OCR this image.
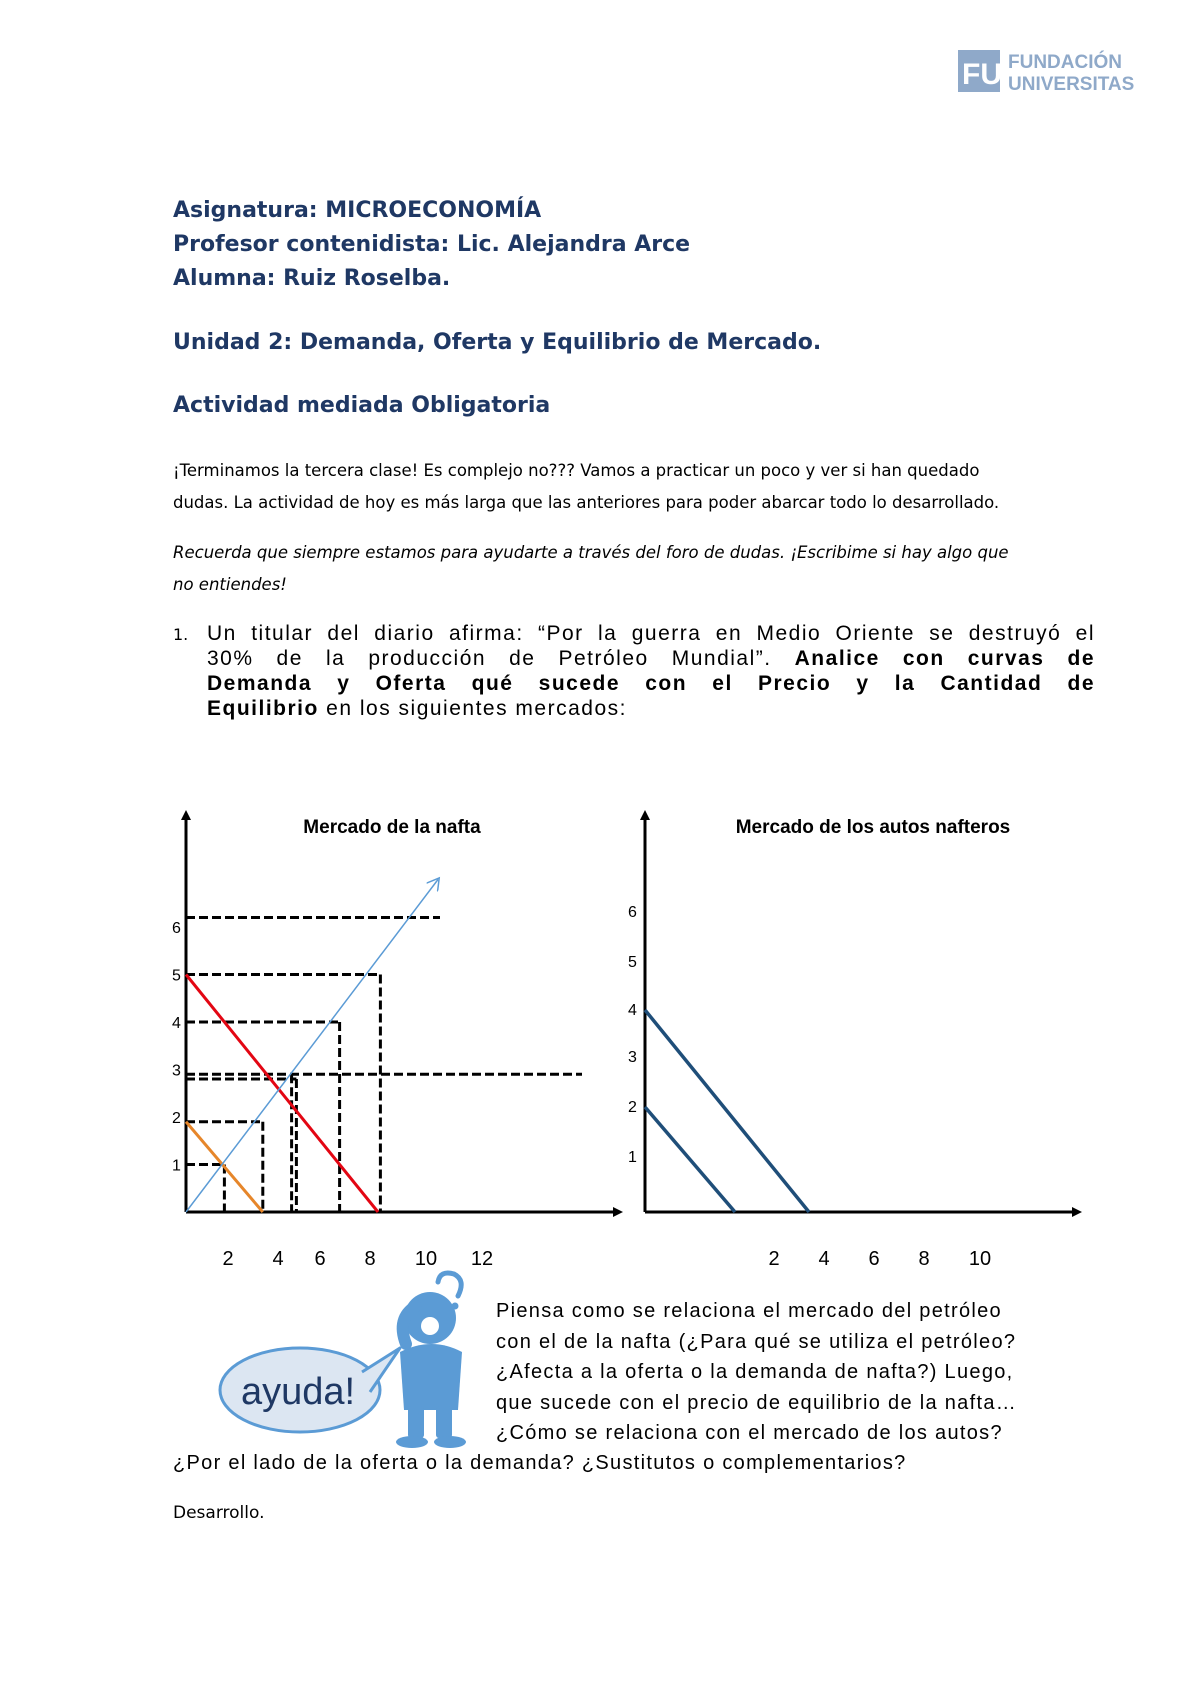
FU FUNDACIÓN
UNIVERSITAS
Asignatura: MICROECONOMÍA
Profesor contenidista: Lic. Alejandra Arce
Alumna: Ruiz Roselba.
Unidad 2: Demanda, Oferta y Equilibrio de Mercado.
Actividad mediada Obligatoria
¡Terminamos la tercera clase! Es complejo no??? Vamos a practicar un poco y ver si han quedado
dudas. La actividad de hoy es más larga que las anteriores para poder abarcar todo lo desarrollado.
Recuerda que siempre estamos para ayudarte a través del foro de dudas. ¡Escribime si hay algo que
no entiendes!
1. Un titular del diario afirma: “Por la guerra en Medio Oriente se destruyó el
30% de la producción de Petróleo Mundial”. Analice con curvas de
Demanda y Oferta qué sucede con el Precio y la Cantidad de
Equilibrio en los siguientes mercados:
Mercado de la nafta
1
2
3
4
5
6
2 4 6 8 10 12
Mercado de los autos nafteros
1
2
3
4
5
6
2 4 6 8 10
ayuda!
Piensa como se relaciona el mercado del petróleo
con el de la nafta (¿Para qué se utiliza el petróleo?
¿Afecta a la oferta o la demanda de nafta?) Luego,
que sucede con el precio de equilibrio de la nafta…
¿Cómo se relaciona con el mercado de los autos?
¿Por el lado de la oferta o la demanda? ¿Sustitutos o complementarios?
Desarrollo.
